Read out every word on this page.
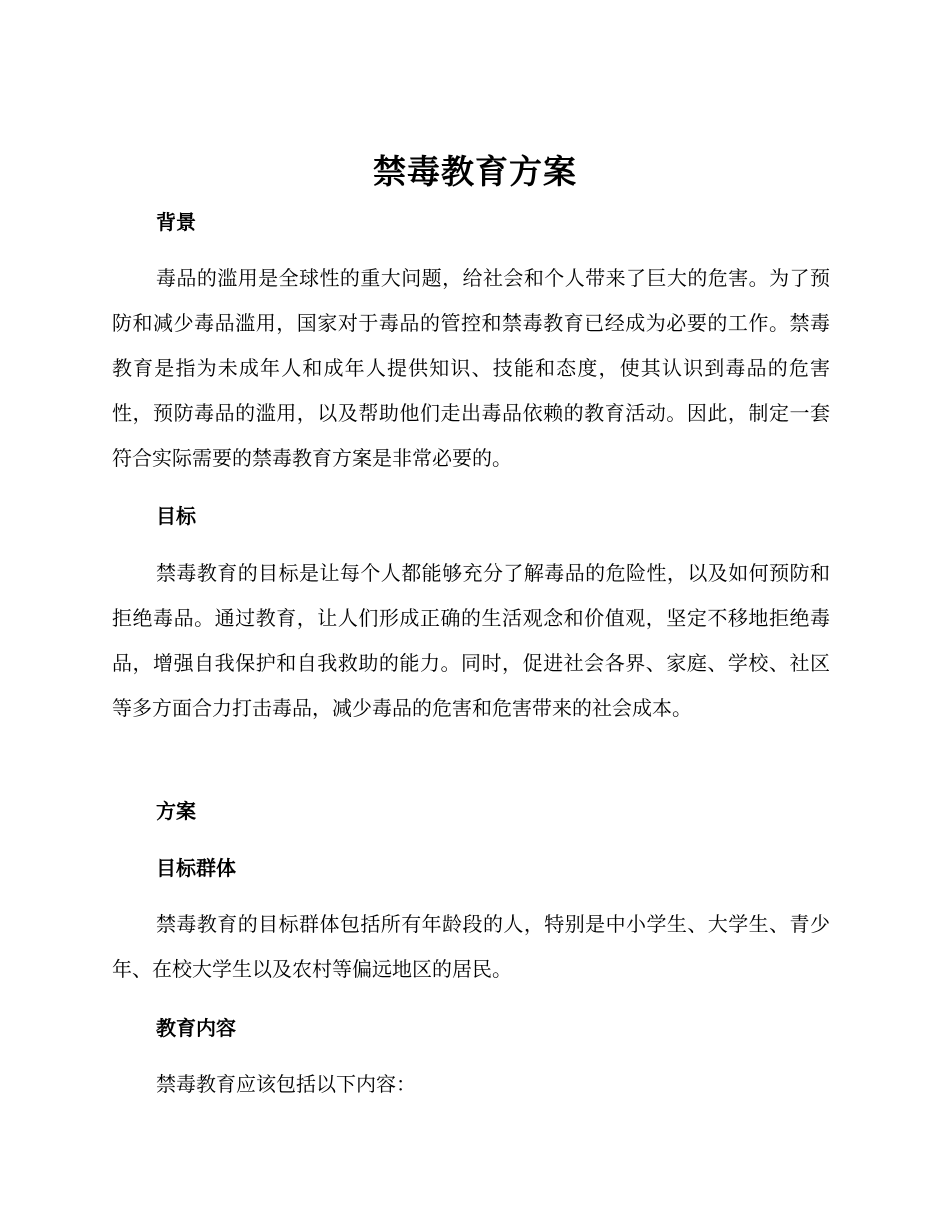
禁毒教育方案
背景

毒品的滥用是全球性的重大问题，给社会和个人带来了巨大的危害。为了预防和减少毒品滥用，国家对于毒品的管控和禁毒教育已经成为必要的工作。禁毒教育是指为未成年人和成年人提供知识、技能和态度，使其认识到毒品的危害性，预防毒品的滥用，以及帮助他们走出毒品依赖的教育活动。因此，制定一套符合实际需要的禁毒教育方案是非常必要的。

目标

禁毒教育的目标是让每个人都能够充分了解毒品的危险性，以及如何预防和拒绝毒品。通过教育，让人们形成正确的生活观念和价值观，坚定不移地拒绝毒品，增强自我保护和自我救助的能力。同时，促进社会各界、家庭、学校、社区等多方面合力打击毒品，减少毒品的危害和危害带来的社会成本。

方案
目标群体

禁毒教育的目标群体包括所有年龄段的人，特别是中小学生、大学生、青少年、在校大学生以及农村等偏远地区的居民。

教育内容

禁毒教育应该包括以下内容：
